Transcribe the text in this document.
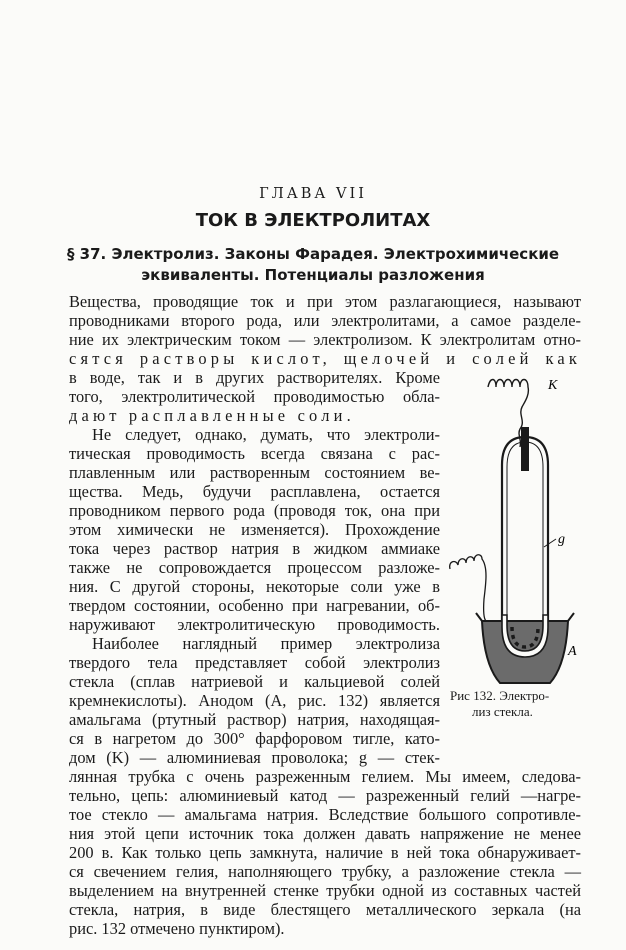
ГЛАВА VII
ТОК В ЭЛЕКТРОЛИТАХ
§ 37. Электролиз. Законы Фарадея. Электрохимические
эквиваленты. Потенциалы разложения
Вещества, проводящие ток и при этом разлагающиеся, называют
проводниками второго рода, или электролитами, а самое разделе-
ние их электрическим током — электролизом. К электролитам отно-
сятся растворы кислот, щелочей и солей как
в воде, так и в других растворителях. Кроме
того, электролитической проводимостью обла-
дают расплавленные соли.
Не следует, однако, думать, что электроли-
тическая проводимость всегда связана с рас-
плавленным или растворенным состоянием ве-
щества. Медь, будучи расплавлена, остается
проводником первого рода (проводя ток, она при
этом химически не изменяется). Прохождение
тока через раствор натрия в жидком аммиаке
также не сопровождается процессом разложе-
ния. С другой стороны, некоторые соли уже в
твердом состоянии, особенно при нагревании, об-
наруживают электролитическую проводимость.
Наиболее наглядный пример электролиза
твердого тела представляет собой электролиз
стекла (сплав натриевой и кальциевой солей
кремнекислоты). Анодом (A, рис. 132) является
амальгама (ртутный раствор) натрия, находящая-
ся в нагретом до 300° фарфоровом тигле, като-
дом (K) — алюминиевая проволока; g — стек-
лянная трубка с очень разреженным гелием. Мы имеем, следова-
тельно, цепь: алюминиевый катод — разреженный гелий —нагре-
тое стекло — амальгама натрия. Вследствие большого сопротивле-
ния этой цепи источник тока должен давать напряжение не менее
200 в. Как только цепь замкнута, наличие в ней тока обнаруживает-
ся свечением гелия, наполняющего трубку, а разложение стекла —
выделением на внутренней стенке трубки одной из составных частей
стекла, натрия, в виде блестящего металлического зеркала (на
рис. 132 отмечено пунктиром).
К
g
A
Рис 132. Электро-
лиз стекла.
